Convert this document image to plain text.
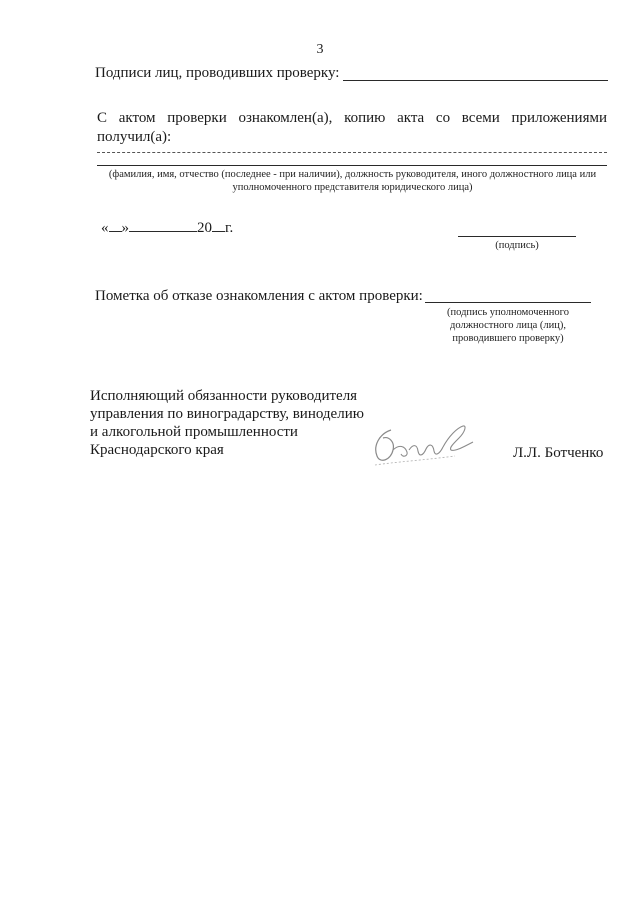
3
Подписи лиц, проводивших проверку:
С актом проверки ознакомлен(а), копию акта со всеми приложениями
получил(а):
(фамилия, имя, отчество (последнее - при наличии), должность руководителя, иного должностного лица или
уполномоченного представителя юридического лица)
« »	20 г.
(подпись)
Пометка об отказе ознакомления с актом проверки:
(подпись уполномоченного
должностного лица (лиц),
проводившего проверку)
Исполняющий обязанности руководителя
управления по виноградарству, виноделию
и алкогольной промышленности
Краснодарского края	Л.Л. Ботченко
